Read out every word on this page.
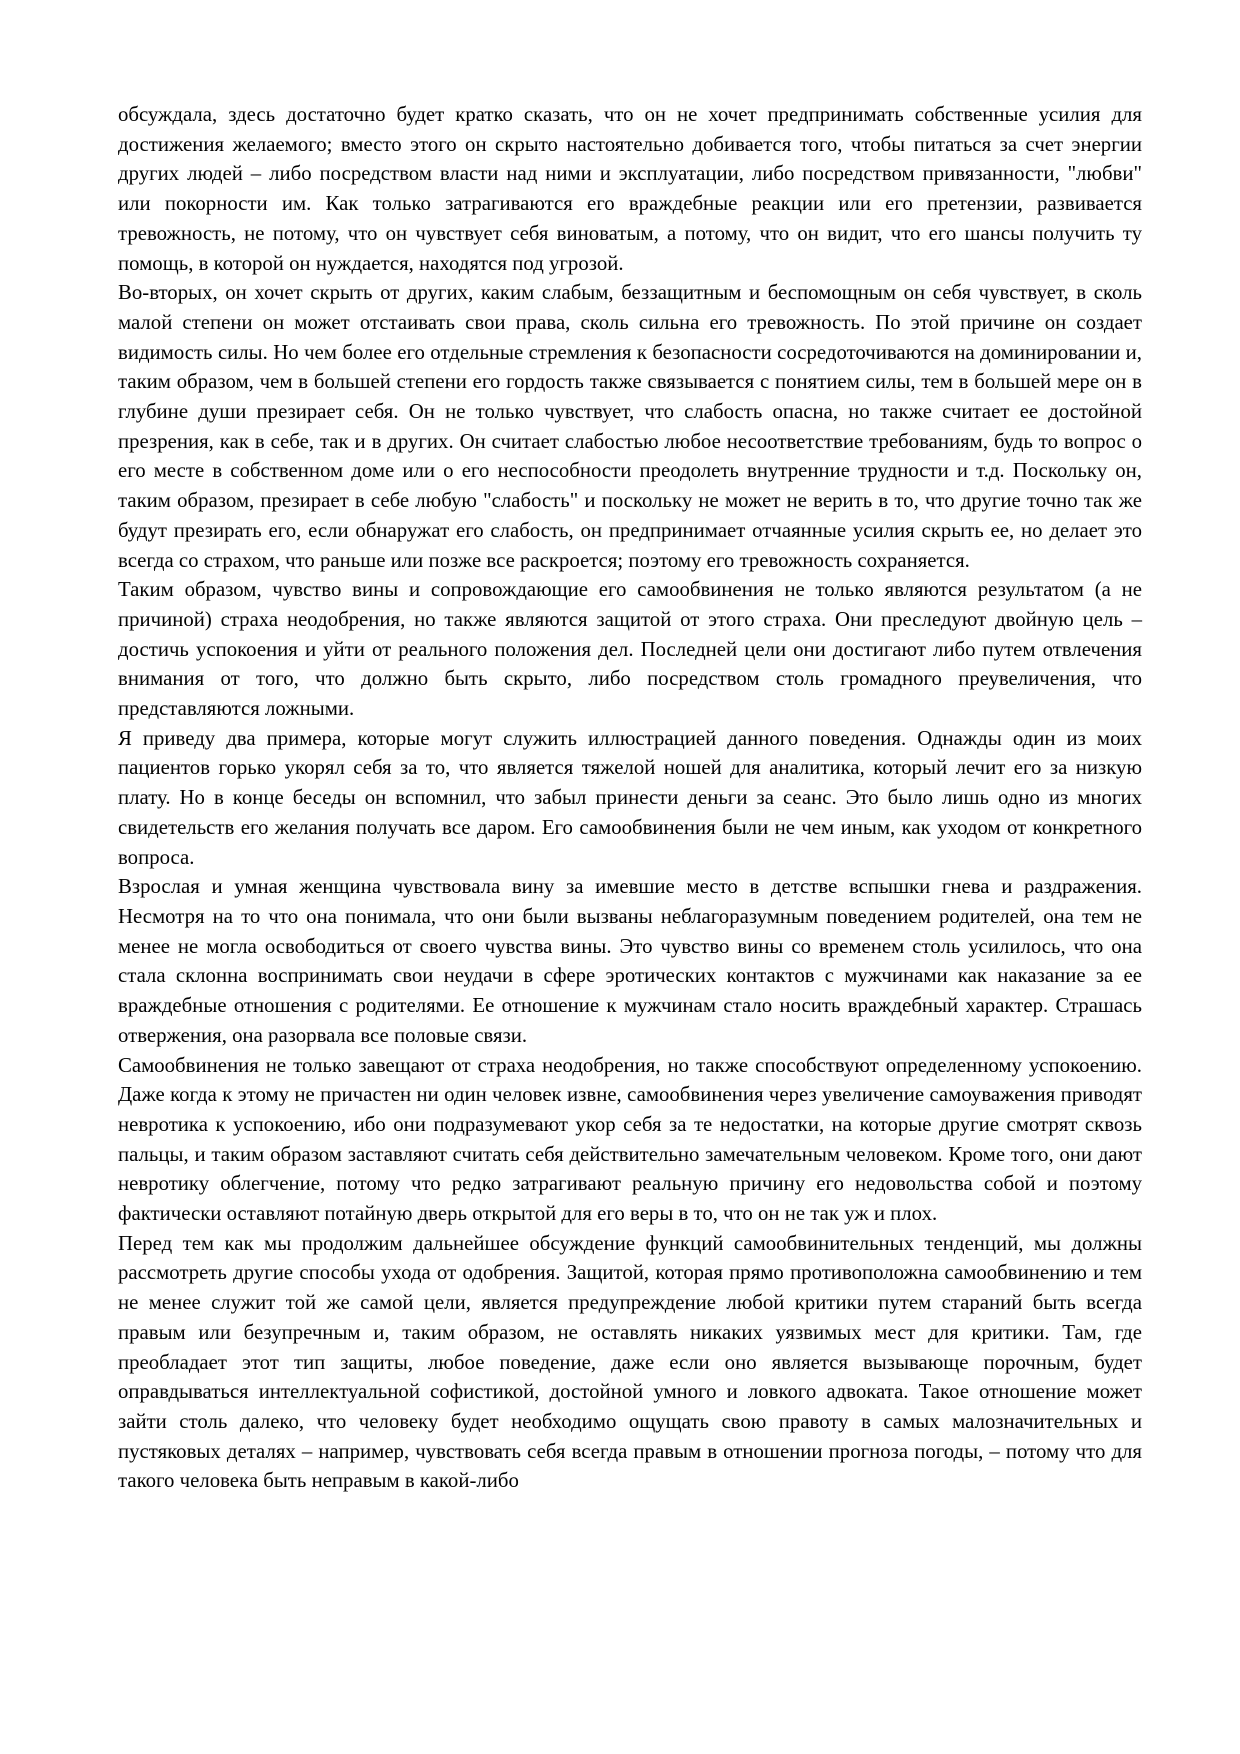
обсуждала, здесь достаточно будет кратко сказать, что он не хочет предпринимать собственные усилия для достижения желаемого; вместо этого он скрыто настоятельно добивается того, чтобы питаться за счет энергии других людей – либо посредством власти над ними и эксплуатации, либо посредством привязанности, "любви" или покорности им. Как только затрагиваются его враждебные реакции или его претензии, развивается тревожность, не потому, что он чувствует себя виноватым, а потому, что он видит, что его шансы получить ту помощь, в которой он нуждается, находятся под угрозой.

Во-вторых, он хочет скрыть от других, каким слабым, беззащитным и беспомощным он себя чувствует, в сколь малой степени он может отстаивать свои права, сколь сильна его тревожность. По этой причине он создает видимость силы. Но чем более его отдельные стремления к безопасности сосредоточиваются на доминировании и, таким образом, чем в большей степени его гордость также связывается с понятием силы, тем в большей мере он в глубине души презирает себя. Он не только чувствует, что слабость опасна, но также считает ее достойной презрения, как в себе, так и в других. Он считает слабостью любое несоответствие требованиям, будь то вопрос о его месте в собственном доме или о его неспособности преодолеть внутренние трудности и т.д. Поскольку он, таким образом, презирает в себе любую "слабость" и поскольку не может не верить в то, что другие точно так же будут презирать его, если обнаружат его слабость, он предпринимает отчаянные усилия скрыть ее, но делает это всегда со страхом, что раньше или позже все раскроется; поэтому его тревожность сохраняется.

Таким образом, чувство вины и сопровождающие его самообвинения не только являются результатом (а не причиной) страха неодобрения, но также являются защитой от этого страха. Они преследуют двойную цель – достичь успокоения и уйти от реального положения дел. Последней цели они достигают либо путем отвлечения внимания от того, что должно быть скрыто, либо посредством столь громадного преувеличения, что представляются ложными.

Я приведу два примера, которые могут служить иллюстрацией данного поведения. Однажды один из моих пациентов горько укорял себя за то, что является тяжелой ношей для аналитика, который лечит его за низкую плату. Но в конце беседы он вспомнил, что забыл принести деньги за сеанс. Это было лишь одно из многих свидетельств его желания получать все даром. Его самообвинения были не чем иным, как уходом от конкретного вопроса.

Взрослая и умная женщина чувствовала вину за имевшие место в детстве вспышки гнева и раздражения. Несмотря на то что она понимала, что они были вызваны неблагоразумным поведением родителей, она тем не менее не могла освободиться от своего чувства вины. Это чувство вины со временем столь усилилось, что она стала склонна воспринимать свои неудачи в сфере эротических контактов с мужчинами как наказание за ее враждебные отношения с родителями. Ее отношение к мужчинам стало носить враждебный характер. Страшась отвержения, она разорвала все половые связи.

Самообвинения не только завещают от страха неодобрения, но также способствуют определенному успокоению. Даже когда к этому не причастен ни один человек извне, самообвинения через увеличение самоуважения приводят невротика к успокоению, ибо они подразумевают укор себя за те недостатки, на которые другие смотрят сквозь пальцы, и таким образом заставляют считать себя действительно замечательным человеком. Кроме того, они дают невротику облегчение, потому что редко затрагивают реальную причину его недовольства собой и поэтому фактически оставляют потайную дверь открытой для его веры в то, что он не так уж и плох.

Перед тем как мы продолжим дальнейшее обсуждение функций самообвинительных тенденций, мы должны рассмотреть другие способы ухода от одобрения. Защитой, которая прямо противоположна самообвинению и тем не менее служит той же самой цели, является предупреждение любой критики путем стараний быть всегда правым или безупречным и, таким образом, не оставлять никаких уязвимых мест для критики. Там, где преобладает этот тип защиты, любое поведение, даже если оно является вызывающе порочным, будет оправдываться интеллектуальной софистикой, достойной умного и ловкого адвоката. Такое отношение может зайти столь далеко, что человеку будет необходимо ощущать свою правоту в самых малозначительных и пустяковых деталях – например, чувствовать себя всегда правым в отношении прогноза погоды, – потому что для такого человека быть неправым в какой-либо
